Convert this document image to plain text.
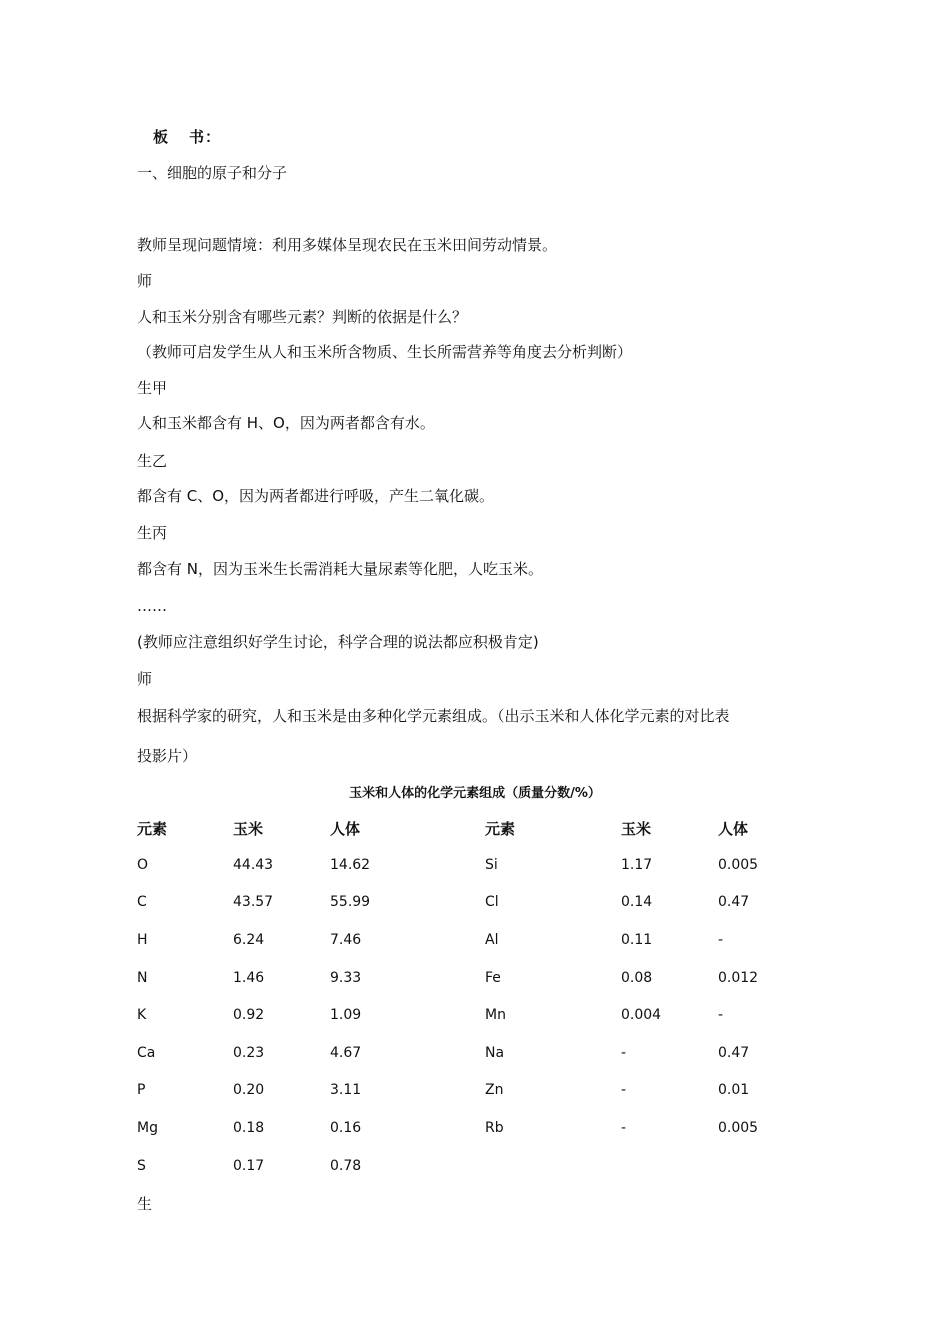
板 书：
一、细胞的原子和分子
教师呈现问题情境：利用多媒体呈现农民在玉米田间劳动情景。
师
人和玉米分别含有哪些元素？判断的依据是什么？
（教师可启发学生从人和玉米所含物质、生长所需营养等角度去分析判断）
生甲
人和玉米都含有 H、O，因为两者都含有水。
生乙
都含有 C、O，因为两者都进行呼吸，产生二氧化碳。
生丙
都含有 N，因为玉米生长需消耗大量尿素等化肥，人吃玉米。
……
(教师应注意组织好学生讨论，科学合理的说法都应积极肯定)
师
根据科学家的研究，人和玉米是由多种化学元素组成。（出示玉米和人体化学元素的对比表
投影片）
玉米和人体的化学元素组成（质量分数/%）
元素	玉米	人体	元素	玉米	人体
O	44.43	14.62	Si	1.17	0.005
C	43.57	55.99	Cl	0.14	0.47
H	6.24	7.46	Al	0.11	-
N	1.46	9.33	Fe	0.08	0.012
K	0.92	1.09	Mn	0.004	-
Ca	0.23	4.67	Na	-	0.47
P	0.20	3.11	Zn	-	0.01
Mg	0.18	0.16	Rb	-	0.005
S	0.17	0.78			
生
